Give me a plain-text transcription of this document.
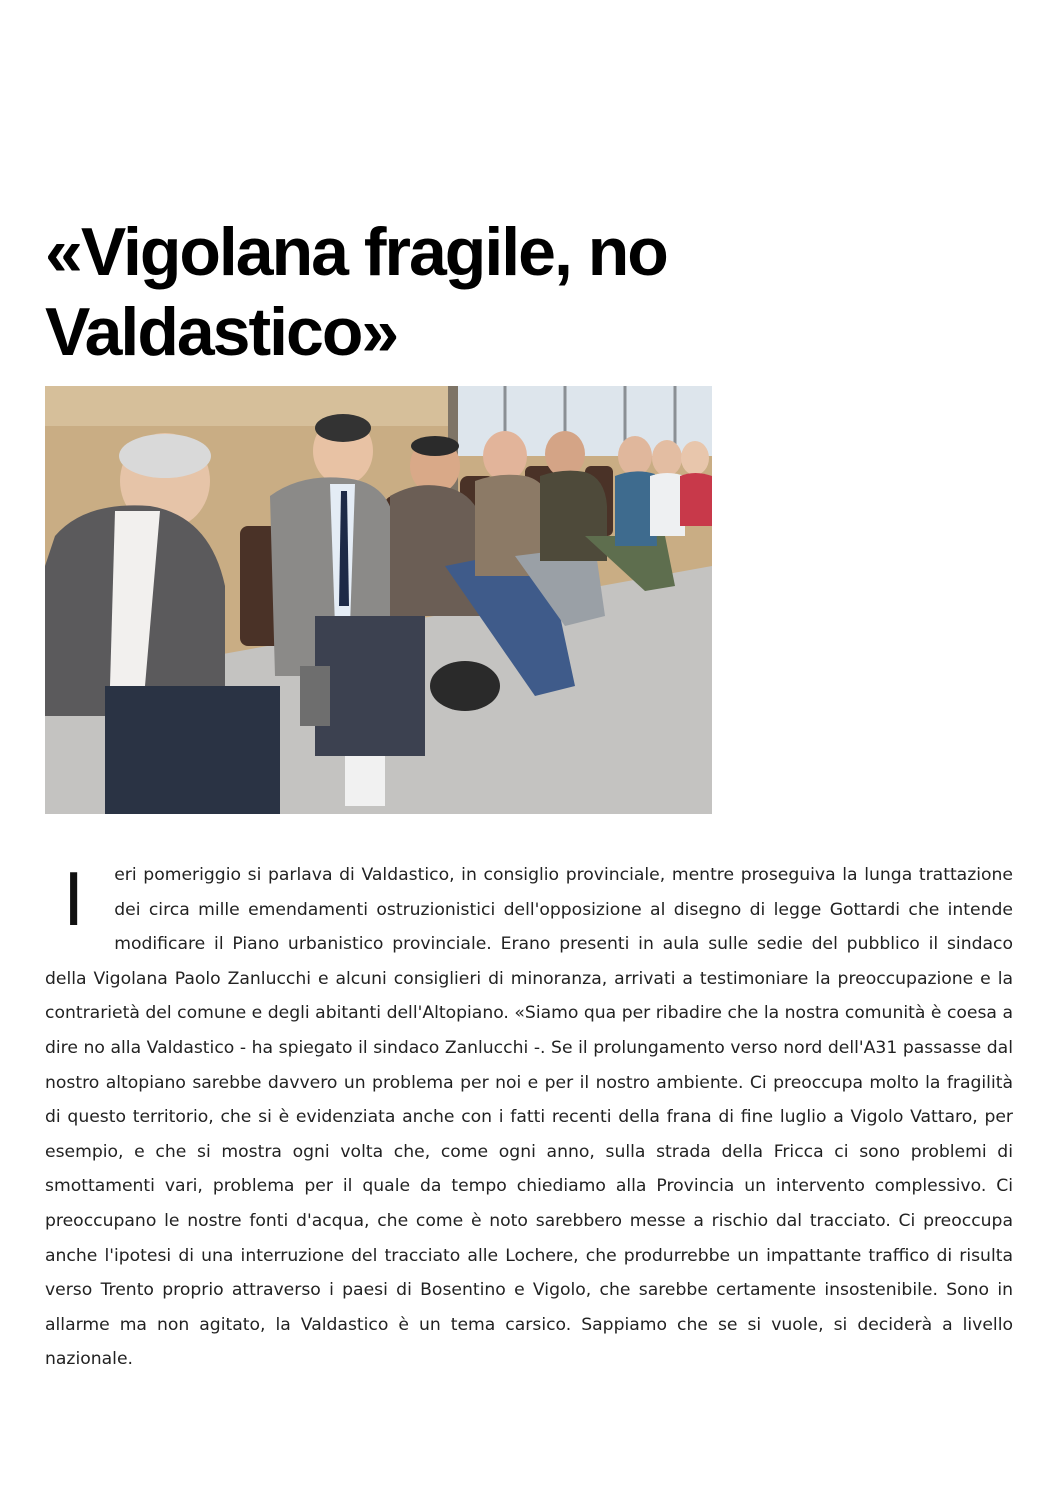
«Vigolana fragile, no Valdastico»

I eri pomeriggio si parlava di Valdastico, in consiglio provinciale, mentre proseguiva la lunga trattazione dei circa mille emendamenti ostruzionistici dell'opposizione al disegno di legge Gottardi che intende modificare il Piano urbanistico provinciale. Erano presenti in aula sulle sedie del pubblico il sindaco della Vigolana Paolo Zanlucchi e alcuni consiglieri di minoranza, arrivati a testimoniare la preoccupazione e la contrarietà del comune e degli abitanti dell'Altopiano. «Siamo qua per ribadire che la nostra comunità è coesa a dire no alla Valdastico - ha spiegato il sindaco Zanlucchi -. Se il prolungamento verso nord dell'A31 passasse dal nostro altopiano sarebbe davvero un problema per noi e per il nostro ambiente. Ci preoccupa molto la fragilità di questo territorio, che si è evidenziata anche con i fatti recenti della frana di fine luglio a Vigolo Vattaro, per esempio, e che si mostra ogni volta che, come ogni anno, sulla strada della Fricca ci sono problemi di smottamenti vari, problema per il quale da tempo chiediamo alla Provincia un intervento complessivo. Ci preoccupano le nostre fonti d'acqua, che come è noto sarebbero messe a rischio dal tracciato. Ci preoccupa anche l'ipotesi di una interruzione del tracciato alle Lochere, che produrrebbe un impattante traffico di risulta verso Trento proprio attraverso i paesi di Bosentino e Vigolo, che sarebbe certamente insostenibile. Sono in allarme ma non agitato, la Valdastico è un tema carsico. Sappiamo che se si vuole, si deciderà a livello nazionale.
